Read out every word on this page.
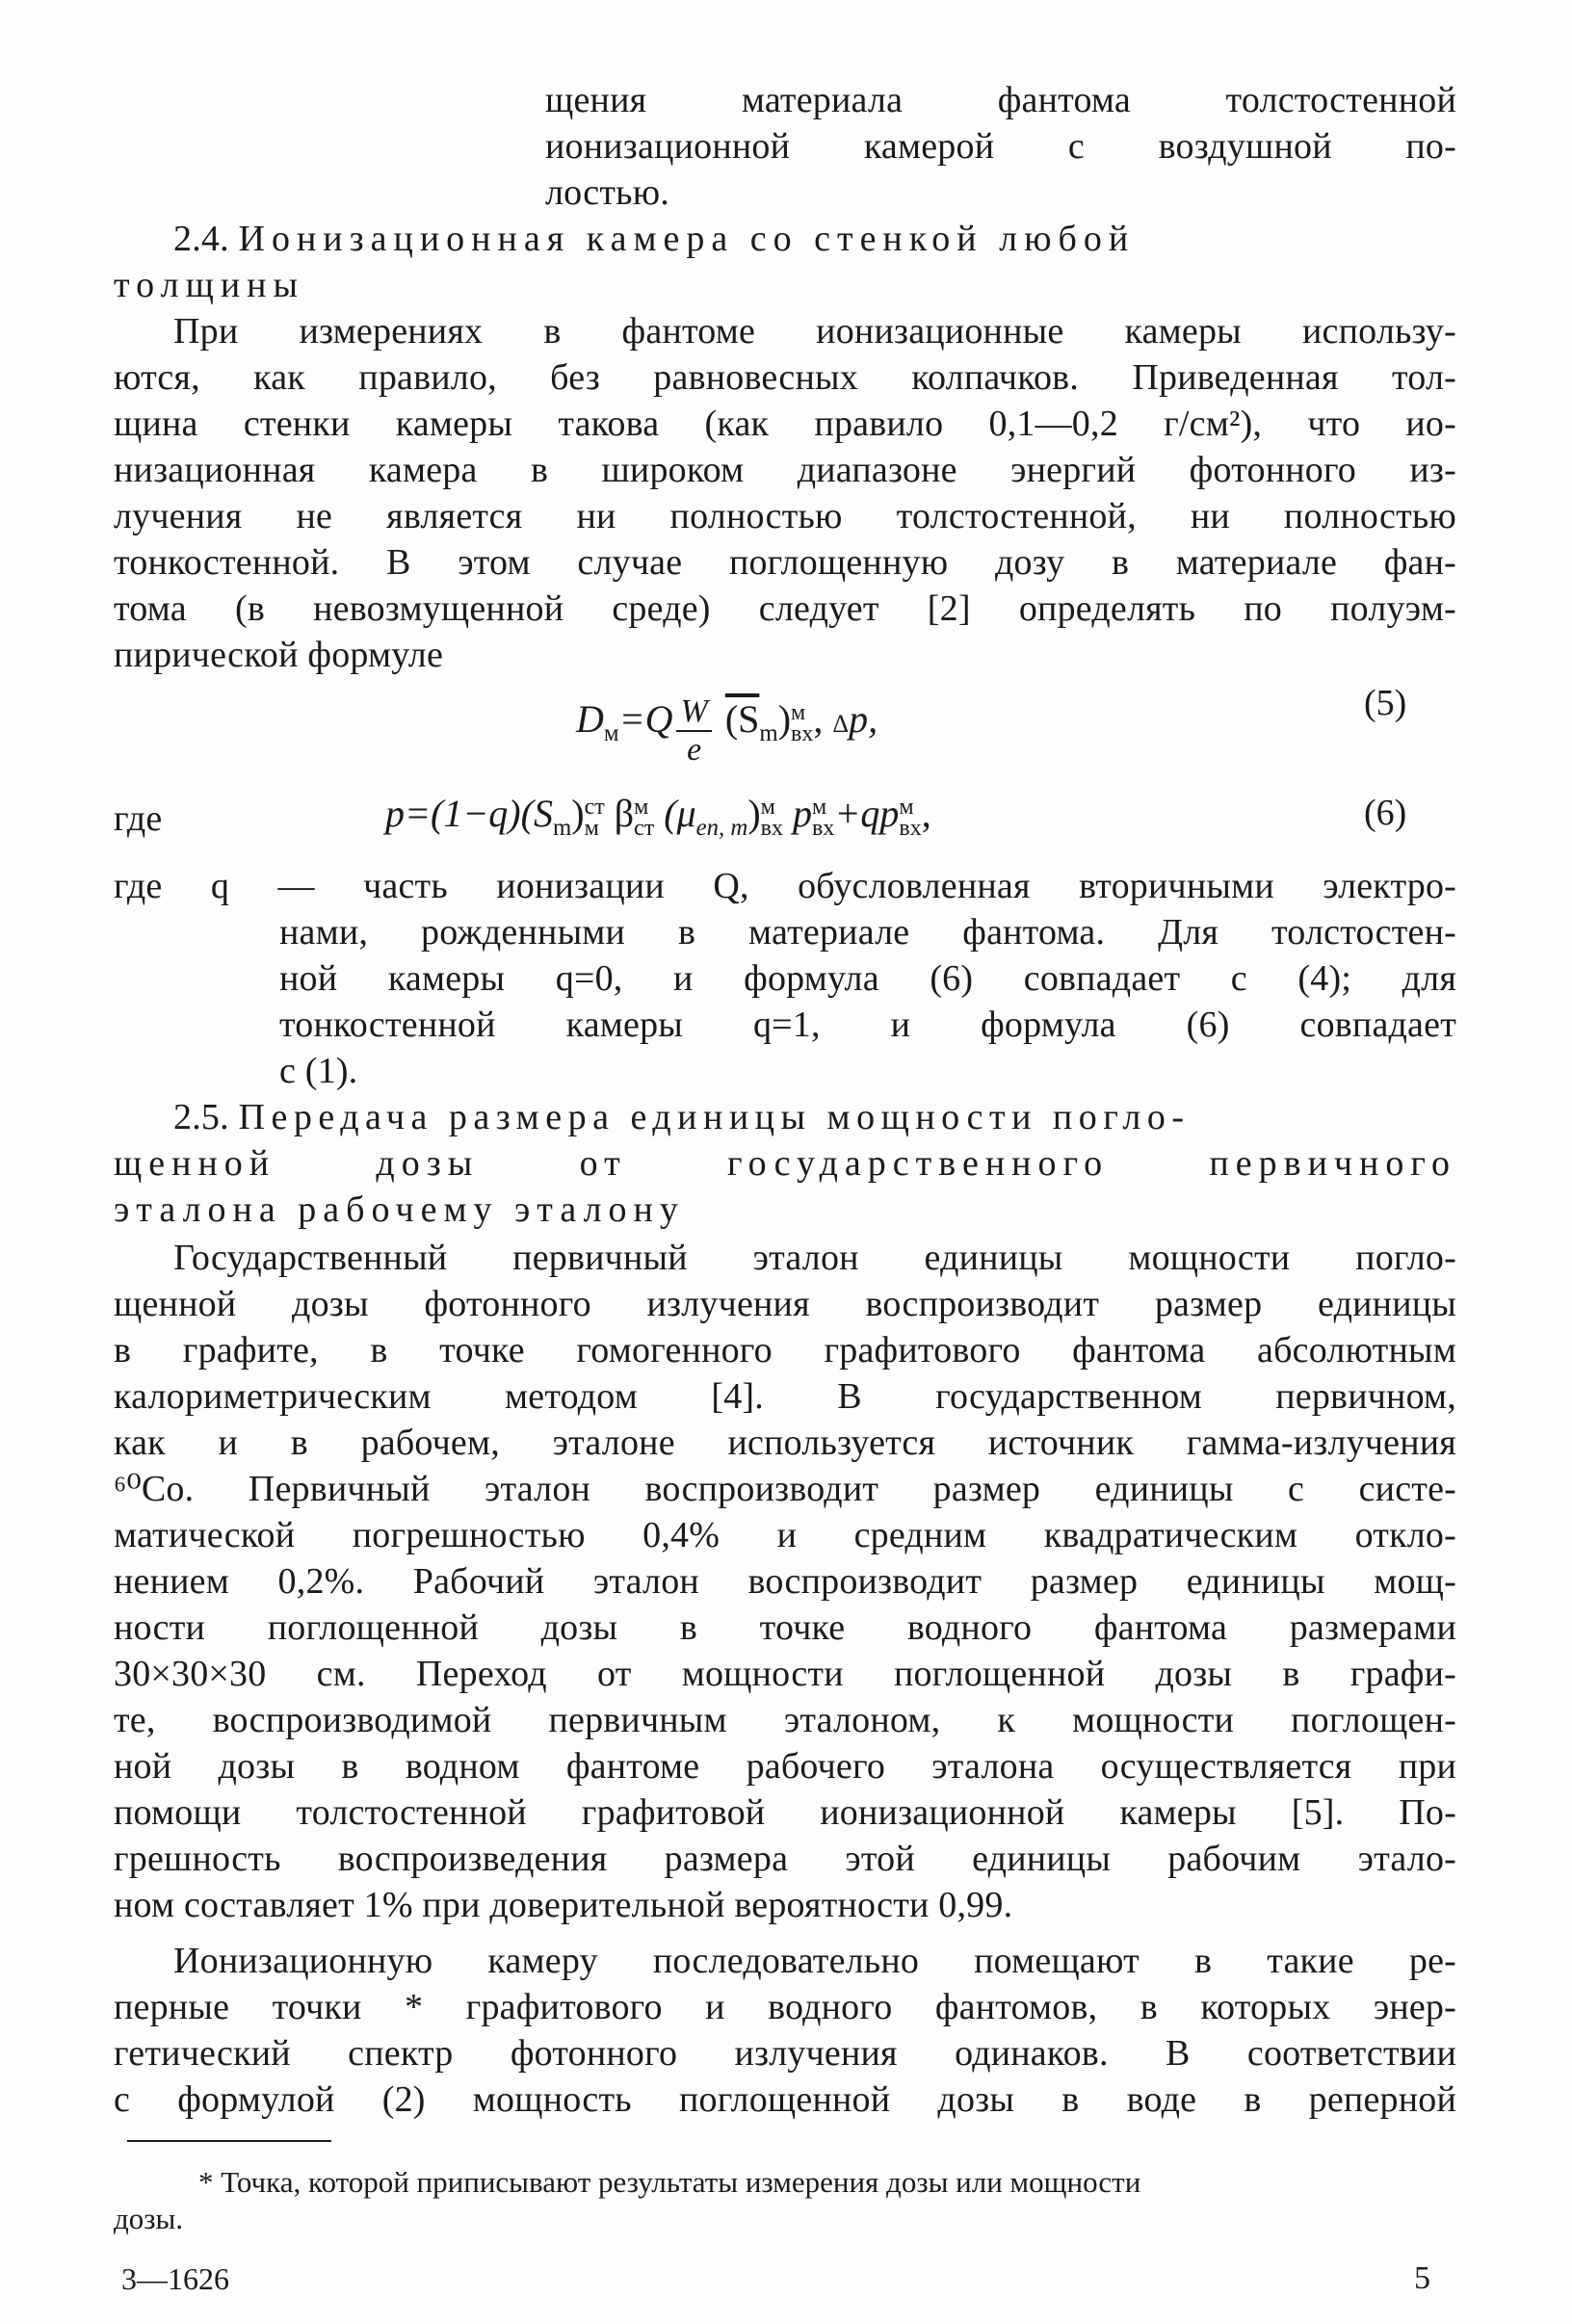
щения материала фантома толстостенной
ионизационной камерой с воздушной по-
лостью.
2.4. Ионизационная камера со стенкой любой
толщины
При измерениях в фантоме ионизационные камеры использу-
ются, как правило, без равновесных колпачков. Приведенная тол-
щина стенки камеры такова (как правило 0,1—0,2 г/см²), что ио-
низационная камера в широком диапазоне энергий фотонного из-
лучения не является ни полностью толстостенной, ни полностью
тонкостенной. В этом случае поглощенную дозу в материале фан-
тома (в невозмущенной среде) следует [2] определять по полуэм-
пирической формуле
$D_м=Q \frac{W}{e} (S_m)$ м
вх , Δp,	(5)
где	$p=(1-q)(S_m)$ ст
м β м
ст $(\mu_{en, m})$ м
вх p м
вх +qp м
вх ,	(6)
где q — часть ионизации Q, обусловленная вторичными электро-
нами, рожденными в материале фантома. Для толстостен-
ной камеры q=0, и формула (6) совпадает с (4); для
тонкостенной камеры q=1, и формула (6) совпадает
с (1).
2.5. Передача размера единицы мощности погло-
щенной дозы от государственного первичного
эталона рабочему эталону
Государственный первичный эталон единицы мощности погло-
щенной дозы фотонного излучения воспроизводит размер единицы
в графите, в точке гомогенного графитового фантома абсолютным
калориметрическим методом [4]. В государственном первичном,
как и в рабочем, эталоне используется источник гамма-излучения
⁶⁰Co. Первичный эталон воспроизводит размер единицы с систе-
матической погрешностью 0,4% и средним квадратическим откло-
нением 0,2%. Рабочий эталон воспроизводит размер единицы мощ-
ности поглощенной дозы в точке водного фантома размерами
30×30×30 см. Переход от мощности поглощенной дозы в графи-
те, воспроизводимой первичным эталоном, к мощности поглощен-
ной дозы в водном фантоме рабочего эталона осуществляется при
помощи толстостенной графитовой ионизационной камеры [5]. По-
грешность воспроизведения размера этой единицы рабочим этало-
ном составляет 1% при доверительной вероятности 0,99.
Ионизационную камеру последовательно помещают в такие ре-
перные точки * графитового и водного фантомов, в которых энер-
гетический спектр фотонного излучения одинаков. В соответствии
с формулой (2) мощность поглощенной дозы в воде в реперной
* Точка, которой приписывают результаты измерения дозы или мощности
дозы.
3—1626	5
